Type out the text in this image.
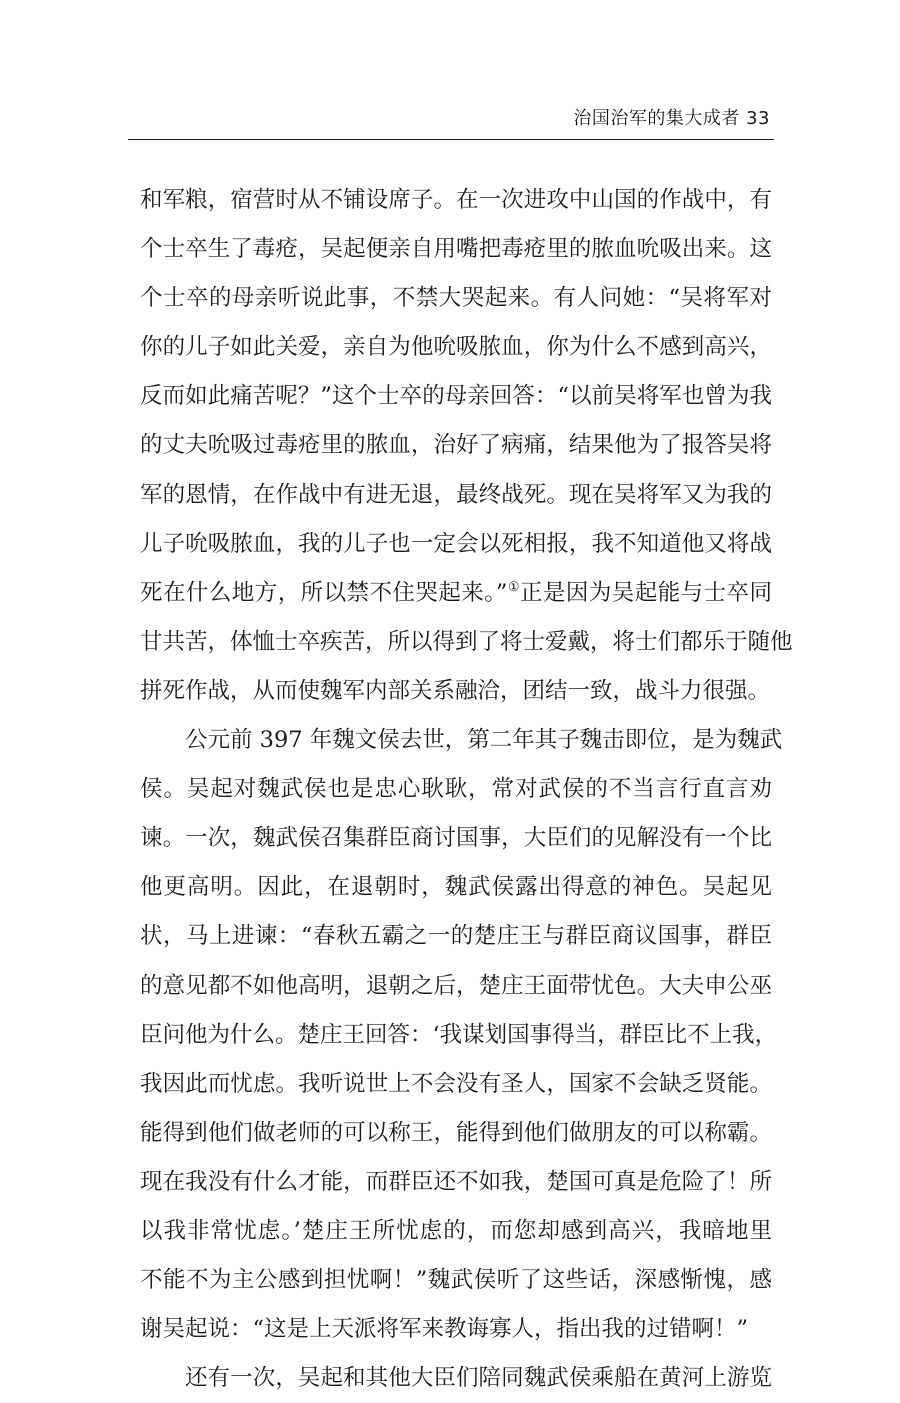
治国治军的集大成者 33
和军粮，宿营时从不铺设席子。在一次进攻中山国的作战中，有
个士卒生了毒疮，吴起便亲自用嘴把毒疮里的脓血吮吸出来。这
个士卒的母亲听说此事，不禁大哭起来。有人问她：“吴将军对
你的儿子如此关爱，亲自为他吮吸脓血，你为什么不感到高兴，
反而如此痛苦呢？”这个士卒的母亲回答：“以前吴将军也曾为我
的丈夫吮吸过毒疮里的脓血，治好了病痛，结果他为了报答吴将
军的恩情，在作战中有进无退，最终战死。现在吴将军又为我的
儿子吮吸脓血，我的儿子也一定会以死相报，我不知道他又将战
死在什么地方，所以禁不住哭起来。”①正是因为吴起能与士卒同
甘共苦，体恤士卒疾苦，所以得到了将士爱戴，将士们都乐于随他
拼死作战，从而使魏军内部关系融洽，团结一致，战斗力很强。
公元前 397 年魏文侯去世，第二年其子魏击即位，是为魏武
侯。吴起对魏武侯也是忠心耿耿，常对武侯的不当言行直言劝
谏。一次，魏武侯召集群臣商讨国事，大臣们的见解没有一个比
他更高明。因此，在退朝时，魏武侯露出得意的神色。吴起见
状，马上进谏：“春秋五霸之一的楚庄王与群臣商议国事，群臣
的意见都不如他高明，退朝之后，楚庄王面带忧色。大夫申公巫
臣问他为什么。楚庄王回答：‘我谋划国事得当，群臣比不上我，
我因此而忧虑。我听说世上不会没有圣人，国家不会缺乏贤能。
能得到他们做老师的可以称王，能得到他们做朋友的可以称霸。
现在我没有什么才能，而群臣还不如我，楚国可真是危险了！所
以我非常忧虑。’楚庄王所忧虑的，而您却感到高兴，我暗地里
不能不为主公感到担忧啊！”魏武侯听了这些话，深感惭愧，感
谢吴起说：“这是上天派将军来教诲寡人，指出我的过错啊！”
还有一次，吴起和其他大臣们陪同魏武侯乘船在黄河上游览
